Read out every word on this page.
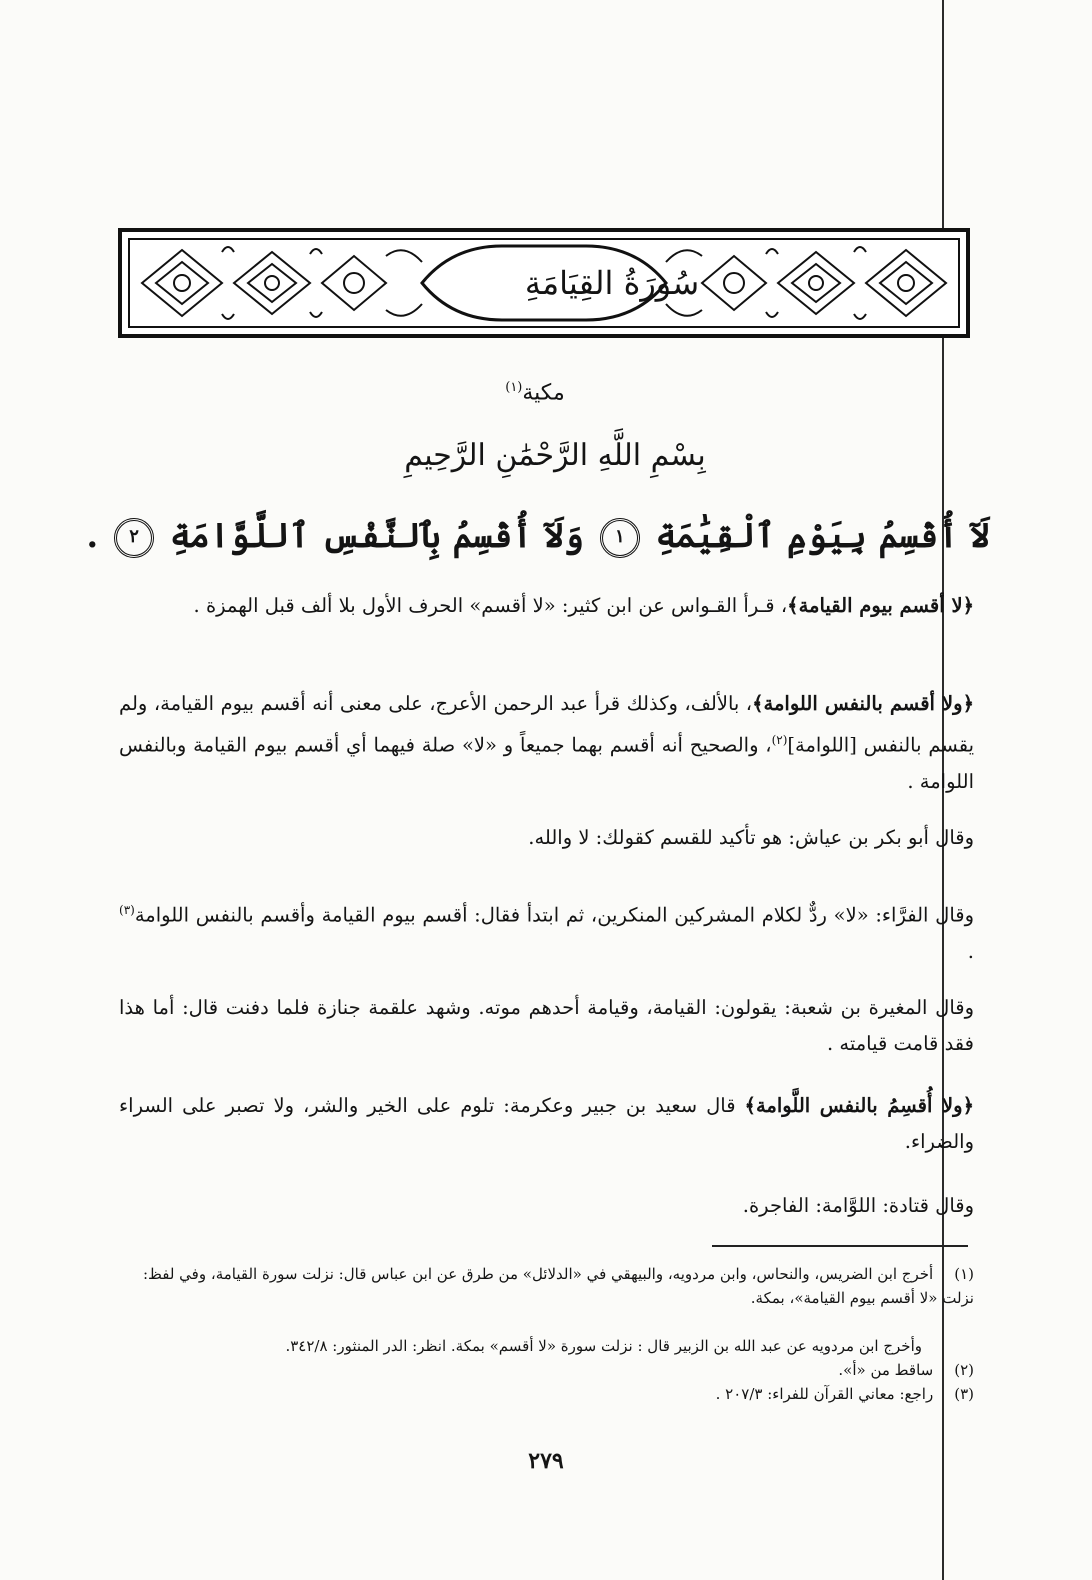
سُورَةُ القِيَامَةِ
مكية$^{(١)}$
بِسْمِ اللَّهِ الرَّحْمَٰنِ الرَّحِيمِ
لَآ أُقْسِمُ بِيَوْمِ ٱلْقِيَٰمَةِ ١ وَلَآ أُقْسِمُ بِٱلنَّفْسِ ٱللَّوَّامَةِ ٢ .
﴿لا أقسم بيوم القيامة﴾، قـرأ القـواس عن ابن كثير: «لا أقسم» الحرف الأول بلا ألف قبل الهمزة .
﴿ولا أقسم بالنفس اللوامة﴾، بالألف، وكذلك قرأ عبد الرحمن الأعرج، على معنى أنه أقسم بيوم القيامة، ولم يقسم بالنفس [اللوامة]$^{(٢)}$، والصحيح أنه أقسم بهما جميعاً و «لا» صلة فيهما أي أقسم بيوم القيامة وبالنفس اللوامة .
وقال أبو بكر بن عياش: هو تأكيد للقسم كقولك: لا والله.
وقال الفرَّاء: «لا» ردٌّ لكلام المشركين المنكرين، ثم ابتدأ فقال: أقسم بيوم القيامة وأقسم بالنفس اللوامة$^{(٣)}$ .
وقال المغيرة بن شعبة: يقولون: القيامة، وقيامة أحدهم موته. وشهد علقمة جنازة فلما دفنت قال: أما هذا فقد قامت قيامته .
﴿ولا أُقسِمُ بالنفس اللَّوامة﴾ قال سعيد بن جبير وعكرمة: تلوم على الخير والشر، ولا تصبر على السراء والضراء.
وقال قتادة: اللوَّامة: الفاجرة.
(١) أخرج ابن الضريس، والنحاس، وابن مردويه، والبيهقي في «الدلائل» من طرق عن ابن عباس قال: نزلت سورة القيامة، وفي لفظ: نزلت «لا أقسم بيوم القيامة»، بمكة.
وأخرج ابن مردويه عن عبد الله بن الزبير قال : نزلت سورة «لا أقسم» بمكة. انظر: الدر المنثور: ٣٤٢/٨.
(٢) ساقط من «أ».
(٣) راجع: معاني القرآن للفراء: ٢٠٧/٣ .
٢٧٩
